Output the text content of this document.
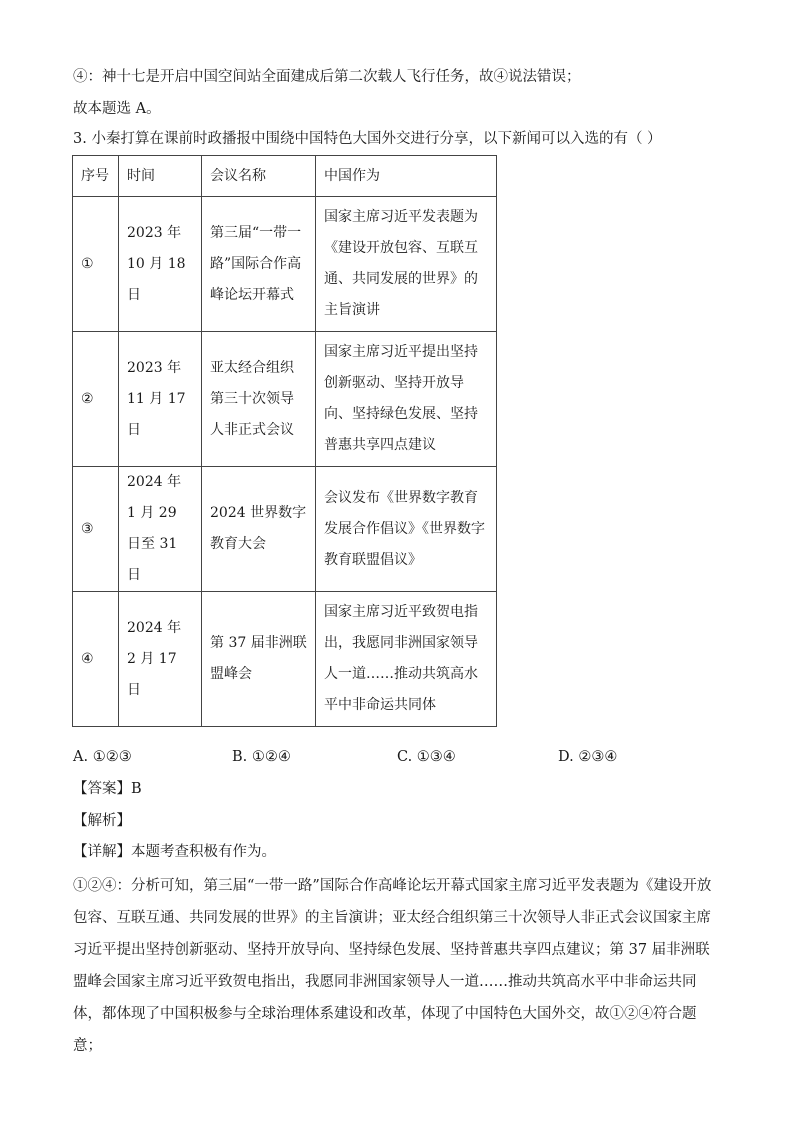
④：神十七是开启中国空间站全面建成后第二次载人飞行任务，故④说法错误；
故本题选 A。
3. 小秦打算在课前时政播报中围绕中国特色大国外交进行分享，以下新闻可以入选的有（ ）
序号	时间	会议名称	中国作为
①	2023 年 10 月 18 日	第三届“一带一路”国际合作高峰论坛开幕式	国家主席习近平发表题为《建设开放包容、互联互通、共同发展的世界》的主旨演讲
②	2023 年 11 月 17 日	亚太经合组织第三十次领导人非正式会议	国家主席习近平提出坚持创新驱动、坚持开放导向、坚持绿色发展、坚持普惠共享四点建议
③	2024 年 1 月 29 日至 31 日	2024 世界数字教育大会	会议发布《世界数字教育发展合作倡议》《世界数字教育联盟倡议》
④	2024 年 2 月 17 日	第 37 届非洲联盟峰会	国家主席习近平致贺电指出，我愿同非洲国家领导人一道……推动共筑高水平中非命运共同体
A. ①②③	B. ①②④	C. ①③④	D. ②③④
【答案】B
【解析】
【详解】本题考查积极有作为。
①②④：分析可知，第三届“一带一路”国际合作高峰论坛开幕式国家主席习近平发表题为《建设开放包容、互联互通、共同发展的世界》的主旨演讲；亚太经合组织第三十次领导人非正式会议国家主席习近平提出坚持创新驱动、坚持开放导向、坚持绿色发展、坚持普惠共享四点建议；第 37 届非洲联盟峰会国家主席习近平致贺电指出，我愿同非洲国家领导人一道……推动共筑高水平中非命运共同体，都体现了中国积极参与全球治理体系建设和改革，体现了中国特色大国外交，故①②④符合题意；
